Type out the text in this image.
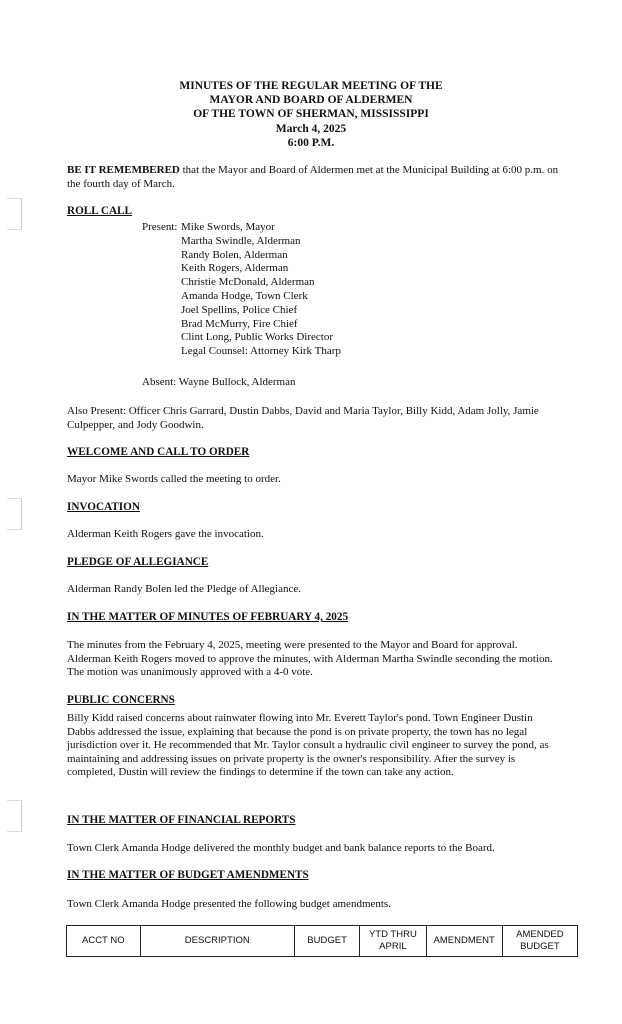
MINUTES OF THE REGULAR MEETING OF THE
MAYOR AND BOARD OF ALDERMEN
OF THE TOWN OF SHERMAN, MISSISSIPPI
March 4, 2025
6:00 P.M.
BE IT REMEMBERED that the Mayor and Board of Aldermen met at the Municipal Building at 6:00 p.m. on the fourth day of March.
ROLL CALL
Present: Mike Swords, Mayor
Martha Swindle, Alderman
Randy Bolen, Alderman
Keith Rogers, Alderman
Christie McDonald, Alderman
Amanda Hodge, Town Clerk
Joel Spellins, Police Chief
Brad McMurry, Fire Chief
Clint Long, Public Works Director
Legal Counsel: Attorney Kirk Tharp
Absent: Wayne Bullock, Alderman
Also Present: Officer Chris Garrard, Dustin Dabbs, David and Maria Taylor, Billy Kidd, Adam Jolly, Jamie Culpepper, and Jody Goodwin.
WELCOME AND CALL TO ORDER
Mayor Mike Swords called the meeting to order.
INVOCATION
Alderman Keith Rogers gave the invocation.
PLEDGE OF ALLEGIANCE
Alderman Randy Bolen led the Pledge of Allegiance.
IN THE MATTER OF MINUTES OF FEBRUARY 4, 2025
The minutes from the February 4, 2025, meeting were presented to the Mayor and Board for approval. Alderman Keith Rogers moved to approve the minutes, with Alderman Martha Swindle seconding the motion. The motion was unanimously approved with a 4-0 vote.
PUBLIC CONCERNS
Billy Kidd raised concerns about rainwater flowing into Mr. Everett Taylor's pond. Town Engineer Dustin Dabbs addressed the issue, explaining that because the pond is on private property, the town has no legal jurisdiction over it. He recommended that Mr. Taylor consult a hydraulic civil engineer to survey the pond, as maintaining and addressing issues on private property is the owner's responsibility. After the survey is completed, Dustin will review the findings to determine if the town can take any action.
IN THE MATTER OF FINANCIAL REPORTS
Town Clerk Amanda Hodge delivered the monthly budget and bank balance reports to the Board.
IN THE MATTER OF BUDGET AMENDMENTS
Town Clerk Amanda Hodge presented the following budget amendments.
ACCT NO	DESCRIPTION	BUDGET	YTD THRU APRIL	AMENDMENT	AMENDED BUDGET
